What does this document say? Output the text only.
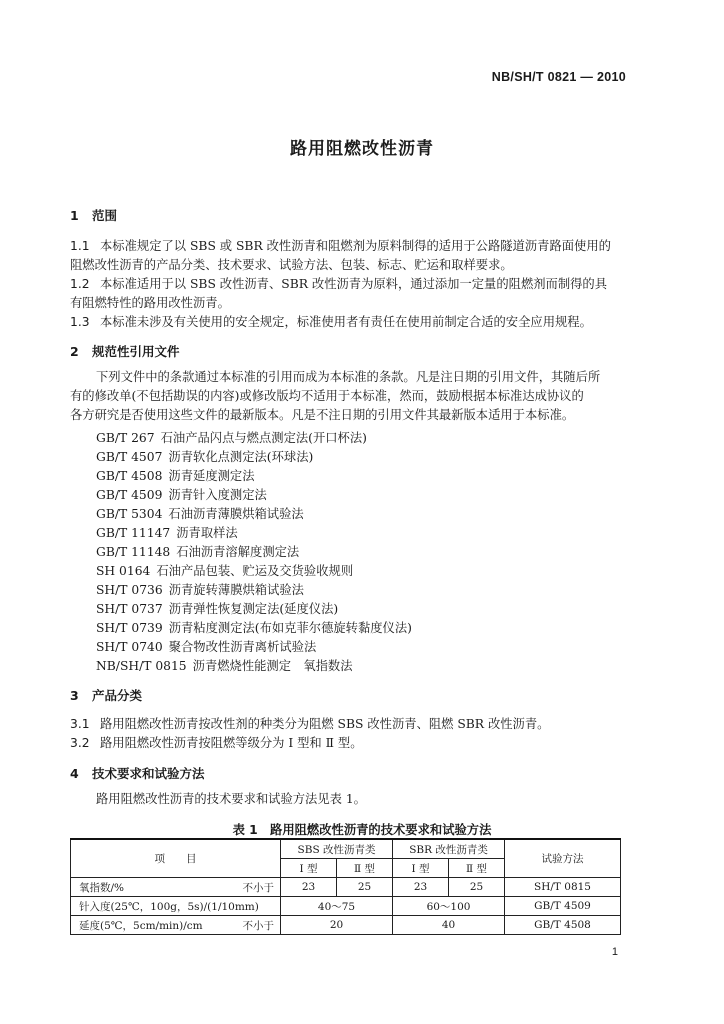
NB/SH/T 0821 — 2010
路用阻燃改性沥青
1 范围
1.1 本标准规定了以 SBS 或 SBR 改性沥青和阻燃剂为原料制得的适用于公路隧道沥青路面使用的
阻燃改性沥青的产品分类、技术要求、试验方法、包装、标志、贮运和取样要求。
1.2 本标准适用于以 SBS 改性沥青、SBR 改性沥青为原料，通过添加一定量的阻燃剂而制得的具
有阻燃特性的路用改性沥青。
1.3 本标准未涉及有关使用的安全规定，标准使用者有责任在使用前制定合适的安全应用规程。
2 规范性引用文件
下列文件中的条款通过本标准的引用而成为本标准的条款。凡是注日期的引用文件，其随后所
有的修改单(不包括勘误的内容)或修改版均不适用于本标准，然而，鼓励根据本标准达成协议的
各方研究是否使用这些文件的最新版本。凡是不注日期的引用文件其最新版本适用于本标准。
GB/T 267 石油产品闪点与燃点测定法(开口杯法)
GB/T 4507 沥青软化点测定法(环球法)
GB/T 4508 沥青延度测定法
GB/T 4509 沥青针入度测定法
GB/T 5304 石油沥青薄膜烘箱试验法
GB/T 11147 沥青取样法
GB/T 11148 石油沥青溶解度测定法
SH 0164 石油产品包装、贮运及交货验收规则
SH/T 0736 沥青旋转薄膜烘箱试验法
SH/T 0737 沥青弹性恢复测定法(延度仪法)
SH/T 0739 沥青粘度测定法(布如克菲尔德旋转黏度仪法)
SH/T 0740 聚合物改性沥青离析试验法
NB/SH/T 0815 沥青燃烧性能测定　氧指数法
3 产品分类
3.1 路用阻燃改性沥青按改性剂的种类分为阻燃 SBS 改性沥青、阻燃 SBR 改性沥青。
3.2 路用阻燃改性沥青按阻燃等级分为 Ⅰ 型和 Ⅱ 型。
4 技术要求和试验方法
路用阻燃改性沥青的技术要求和试验方法见表 1。
表 1　路用阻燃改性沥青的技术要求和试验方法
项　　目	SBS 改性沥青类		SBR 改性沥青类		试验方法
	Ⅰ 型	Ⅱ 型	Ⅰ 型	Ⅱ 型	
氧指数/% 不小于	23	25	23	25	SH/T 0815
针入度(25℃，100g，5s)/(1/10mm)	40～75		60～100		GB/T 4509
延度(5℃，5cm/min)/cm 不小于	20		40		GB/T 4508
1
